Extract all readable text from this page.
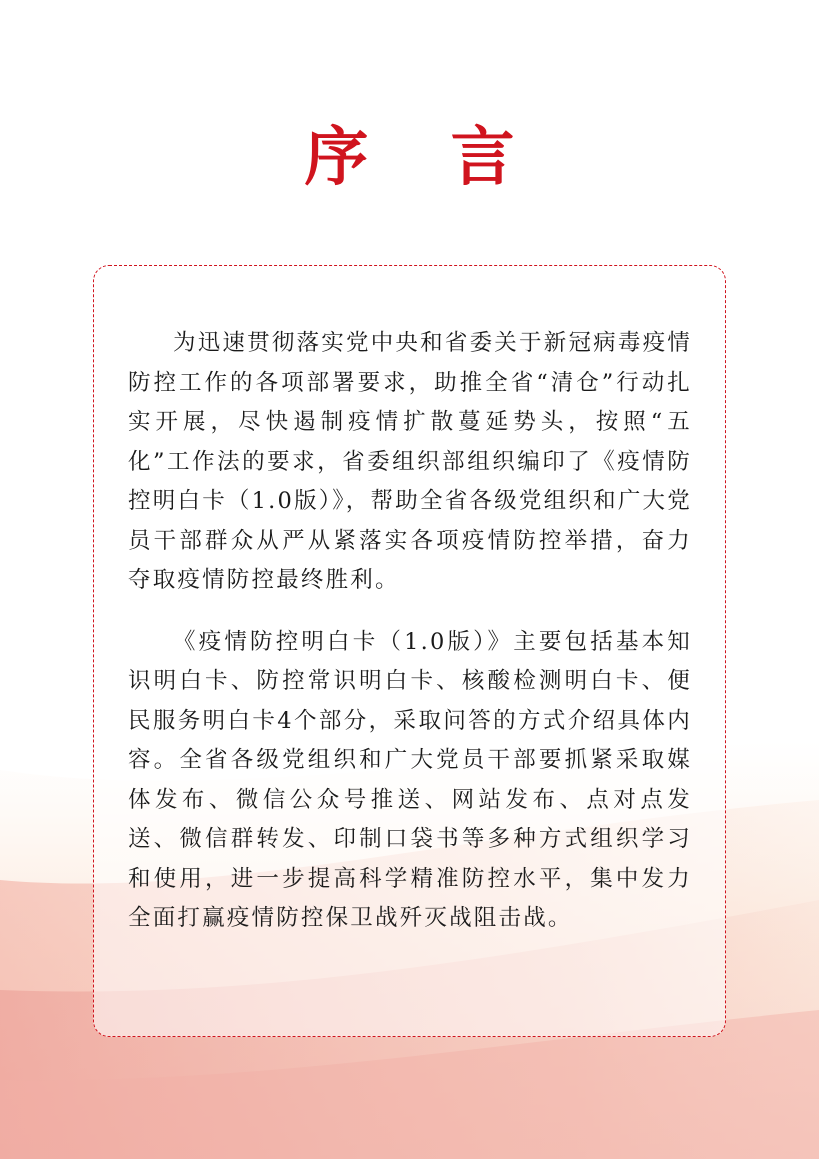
序 言

为迅速贯彻落实党中央和省委关于新冠病毒疫情防控工作的各项部署要求，助推全省“清仓”行动扎实开展，尽快遏制疫情扩散蔓延势头，按照“五化”工作法的要求，省委组织部组织编印了《疫情防控明白卡（1.0版）》，帮助全省各级党组织和广大党员干部群众从严从紧落实各项疫情防控举措，奋力夺取疫情防控最终胜利。

《疫情防控明白卡（1.0版）》主要包括基本知识明白卡、防控常识明白卡、核酸检测明白卡、便民服务明白卡4个部分，采取问答的方式介绍具体内容。全省各级党组织和广大党员干部要抓紧采取媒体发布、微信公众号推送、网站发布、点对点发送、微信群转发、印制口袋书等多种方式组织学习和使用，进一步提高科学精准防控水平，集中发力全面打赢疫情防控保卫战歼灭战阻击战。
